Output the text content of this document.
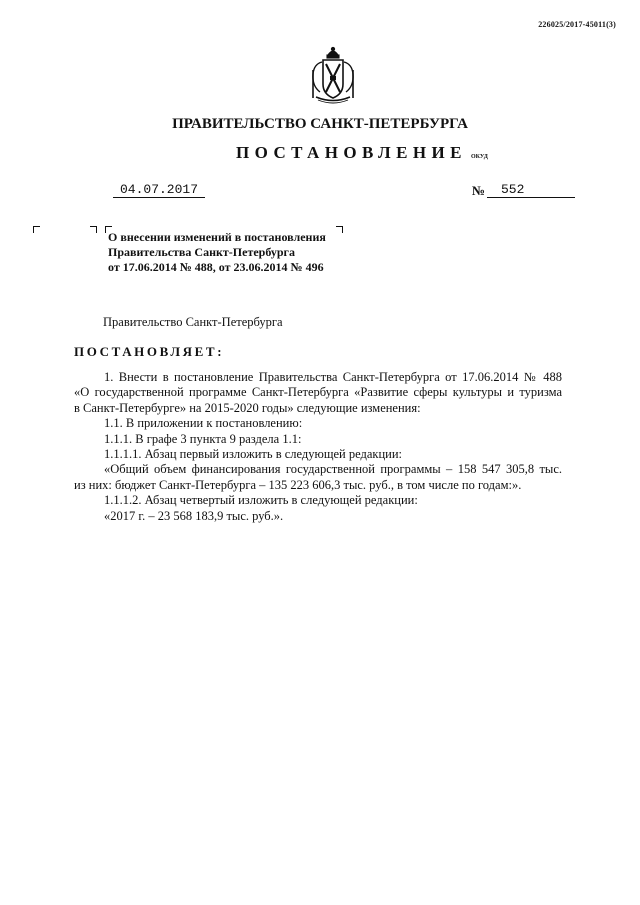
226025/2017-45011(3)
ПРАВИТЕЛЬСТВО САНКТ-ПЕТЕРБУРГА
ПОСТАНОВЛЕНИЕ ОКУД
04.07.2017	№	552
О внесении изменений в постановления
Правительства Санкт-Петербурга
от 17.06.2014 № 488, от 23.06.2014 № 496
Правительство Санкт-Петербурга
ПОСТАНОВЛЯЕТ:
1. Внести в постановление Правительства Санкт-Петербурга от 17.06.2014 № 488
«О государственной программе Санкт-Петербурга «Развитие сферы культуры и туризма
в Санкт-Петербурге» на 2015-2020 годы» следующие изменения:
1.1. В приложении к постановлению:
1.1.1. В графе 3 пункта 9 раздела 1.1:
1.1.1.1. Абзац первый изложить в следующей редакции:
«Общий объем финансирования государственной программы – 158 547 305,8 тыс.
из них: бюджет Санкт-Петербурга – 135 223 606,3 тыс. руб., в том числе по годам:».
1.1.1.2. Абзац четвертый изложить в следующей редакции:
«2017 г. – 23 568 183,9 тыс. руб.».
